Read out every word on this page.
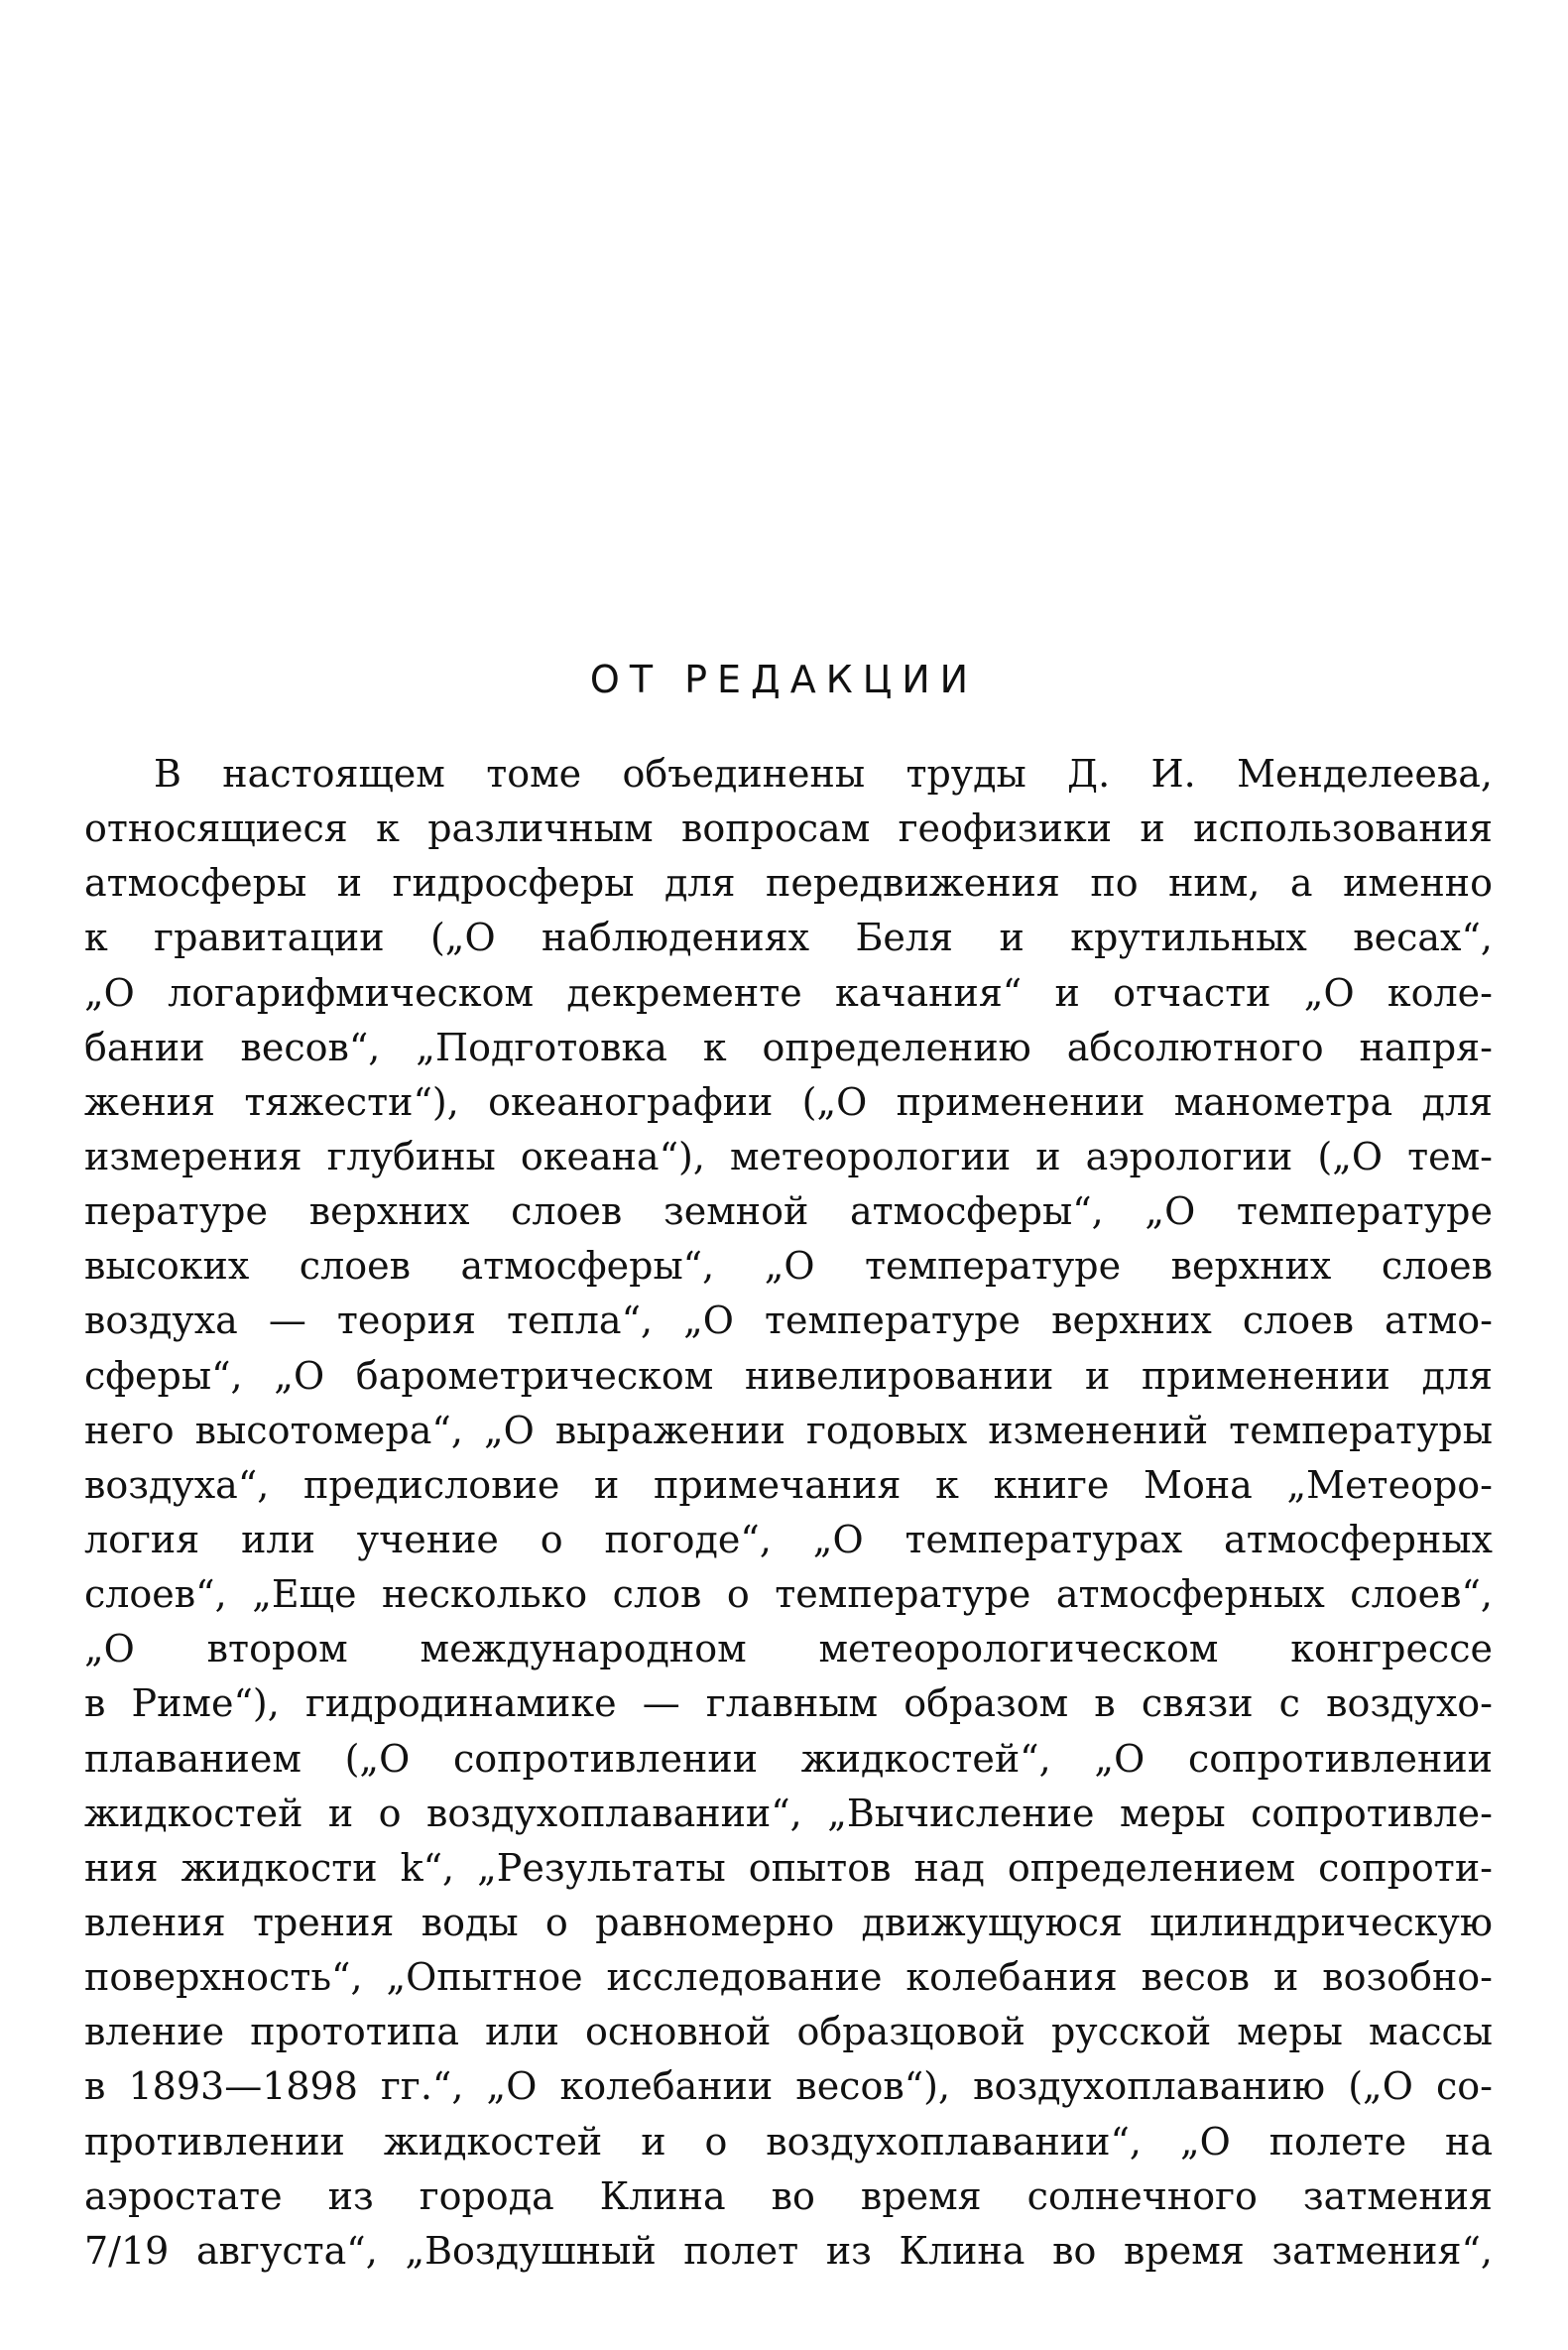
ОТ РЕДАКЦИИ
В настоящем томе объединены труды Д. И. Менделеева,
относящиеся к различным вопросам геофизики и использования
атмосферы и гидросферы для передвижения по ним, а именно
к гравитации („О наблюдениях Беля и крутильных весах“,
„О логарифмическом декременте качания“ и отчасти „О коле-
бании весов“, „Подготовка к определению абсолютного напря-
жения тяжести“), океанографии („О применении манометра для
измерения глубины океана“), метеорологии и аэрологии („О тем-
пературе верхних слоев земной атмосферы“, „О температуре
высоких слоев атмосферы“, „О температуре верхних слоев
воздуха — теория тепла“, „О температуре верхних слоев атмо-
сферы“, „О барометрическом нивелировании и применении для
него высотомера“, „О выражении годовых изменений температуры
воздуха“, предисловие и примечания к книге Мона „Метеоро-
логия или учение о погоде“, „О температурах атмосферных
слоев“, „Еще несколько слов о температуре атмосферных слоев“,
„О втором международном метеорологическом конгрессе
в Риме“), гидродинамике — главным образом в связи с воздухо-
плаванием („О сопротивлении жидкостей“, „О сопротивлении
жидкостей и о воздухоплавании“, „Вычисление меры сопротивле-
ния жидкости k“, „Результаты опытов над определением сопроти-
вления трения воды о равномерно движущуюся цилиндрическую
поверхность“, „Опытное исследование колебания весов и возобно-
вление прототипа или основной образцовой русской меры массы
в 1893—1898 гг.“, „О колебании весов“), воздухоплаванию („О со-
противлении жидкостей и о воздухоплавании“, „О полете на
аэростате из города Клина во время солнечного затмения
7/19 августа“, „Воздушный полет из Клина во время затмения“,
